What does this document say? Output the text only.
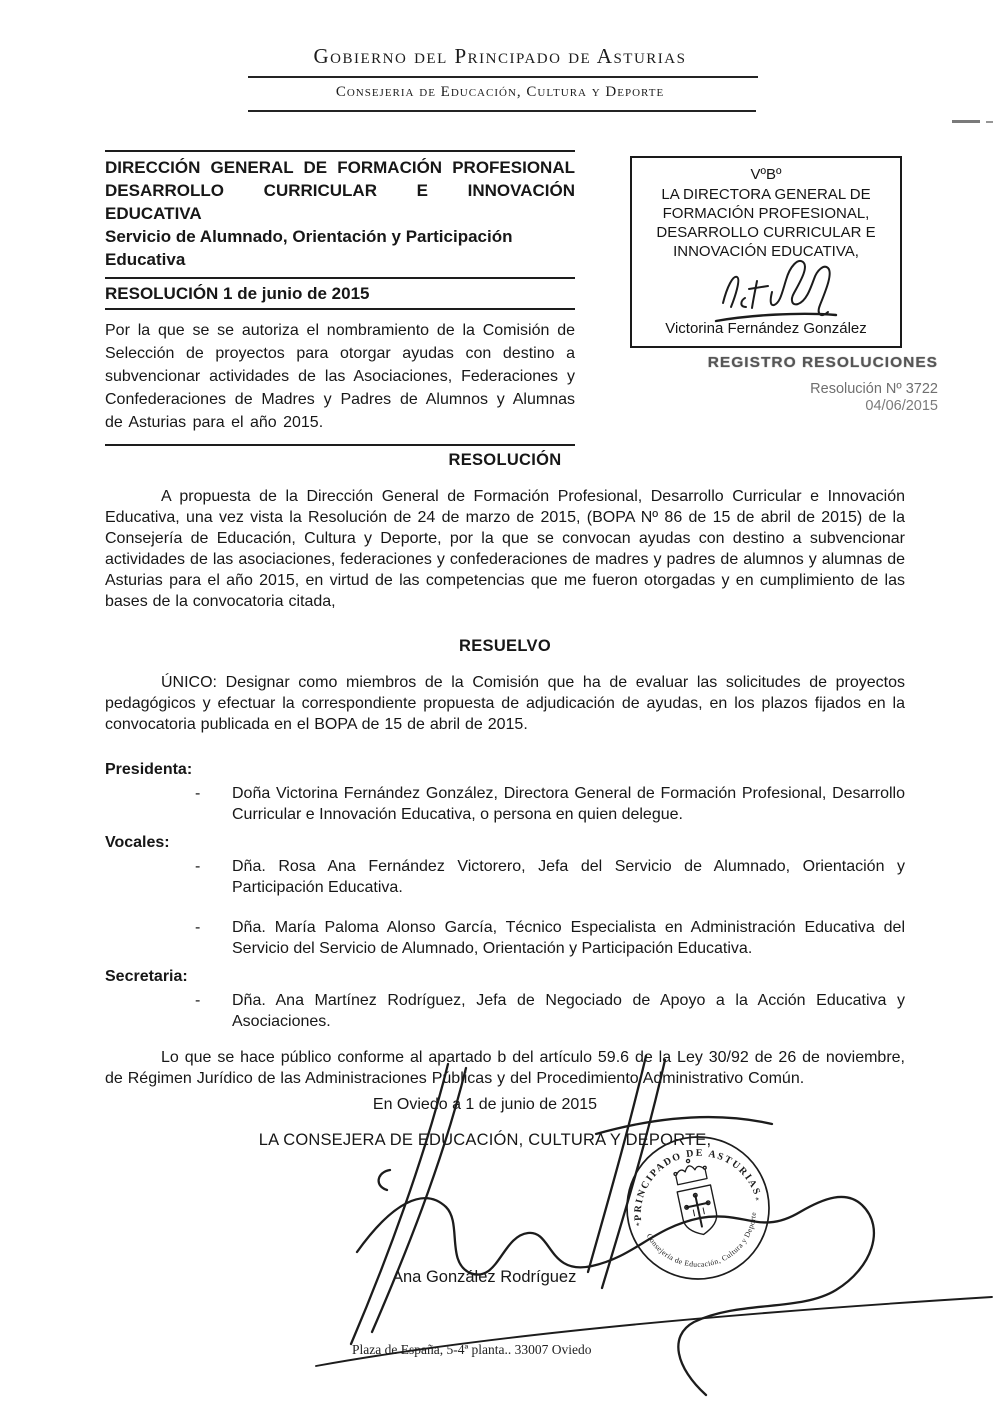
Gobierno del Principado de Asturias
Consejeria de Educación, Cultura y Deporte
DIRECCIÓN GENERAL DE FORMACIÓN PROFESIONAL
DESARROLLO CURRICULAR E INNOVACIÓN
EDUCATIVA
Servicio de Alumnado, Orientación y Participación Educativa
RESOLUCIÓN 1 de junio de 2015

Por la que se se autoriza el nombramiento de la Comisión de Selección de proyectos para otorgar ayudas con destino a subvencionar actividades de las Asociaciones, Federaciones y Confederaciones de Madres y Padres de Alumnos y Alumnas de Asturias para el año 2015.

VºBº
LA DIRECTORA GENERAL DE
FORMACIÓN PROFESIONAL,
DESARROLLO CURRICULAR E
INNOVACIÓN EDUCATIVA,
Victorina Fernández González
REGISTRO RESOLUCIONES
Resolución Nº 3722
04/06/2015
RESOLUCIÓN

A propuesta de la Dirección General de Formación Profesional, Desarrollo Curricular e Innovación Educativa, una vez vista la Resolución de 24 de marzo de 2015, (BOPA Nº 86 de 15 de abril de 2015) de la Consejería de Educación, Cultura y Deporte, por la que se convocan ayudas con destino a subvencionar actividades de las asociaciones, federaciones y confederaciones de madres y padres de alumnos y alumnas de Asturias para el año 2015, en virtud de las competencias que me fueron otorgadas y en cumplimiento de las bases de la convocatoria citada,

RESUELVO

ÚNICO: Designar como miembros de la Comisión que ha de evaluar las solicitudes de proyectos pedagógicos y efectuar la correspondiente propuesta de adjudicación de ayudas, en los plazos fijados en la convocatoria publicada en el BOPA de 15 de abril de 2015.

Presidenta:
- Doña Victorina Fernández González, Directora General de Formación Profesional, Desarrollo Curricular e Innovación Educativa, o persona en quien delegue.
Vocales:
- Dña. Rosa Ana Fernández Victorero, Jefa del Servicio de Alumnado, Orientación y Participación Educativa.
- Dña. María Paloma Alonso García, Técnico Especialista en Administración Educativa del Servicio del Servicio de Alumnado, Orientación y Participación Educativa.
Secretaria:
- Dña. Ana Martínez Rodríguez, Jefa de Negociado de Apoyo a la Acción Educativa y Asociaciones.

Lo que se hace público conforme al apartado b del artículo 59.6 de la Ley 30/92 de 26 de noviembre, de Régimen Jurídico de las Administraciones Públicas y del Procedimiento Administrativo Común.

En Oviedo a 1 de junio de 2015
LA CONSEJERA DE EDUCACIÓN, CULTURA Y DEPORTE,
Ana González Rodríguez
Plaza de España, 5-4ª planta.. 33007 Oviedo
PRINCIPADO DE ASTURIAS
Consejería de Educación, Cultura y Deporte
*
*
